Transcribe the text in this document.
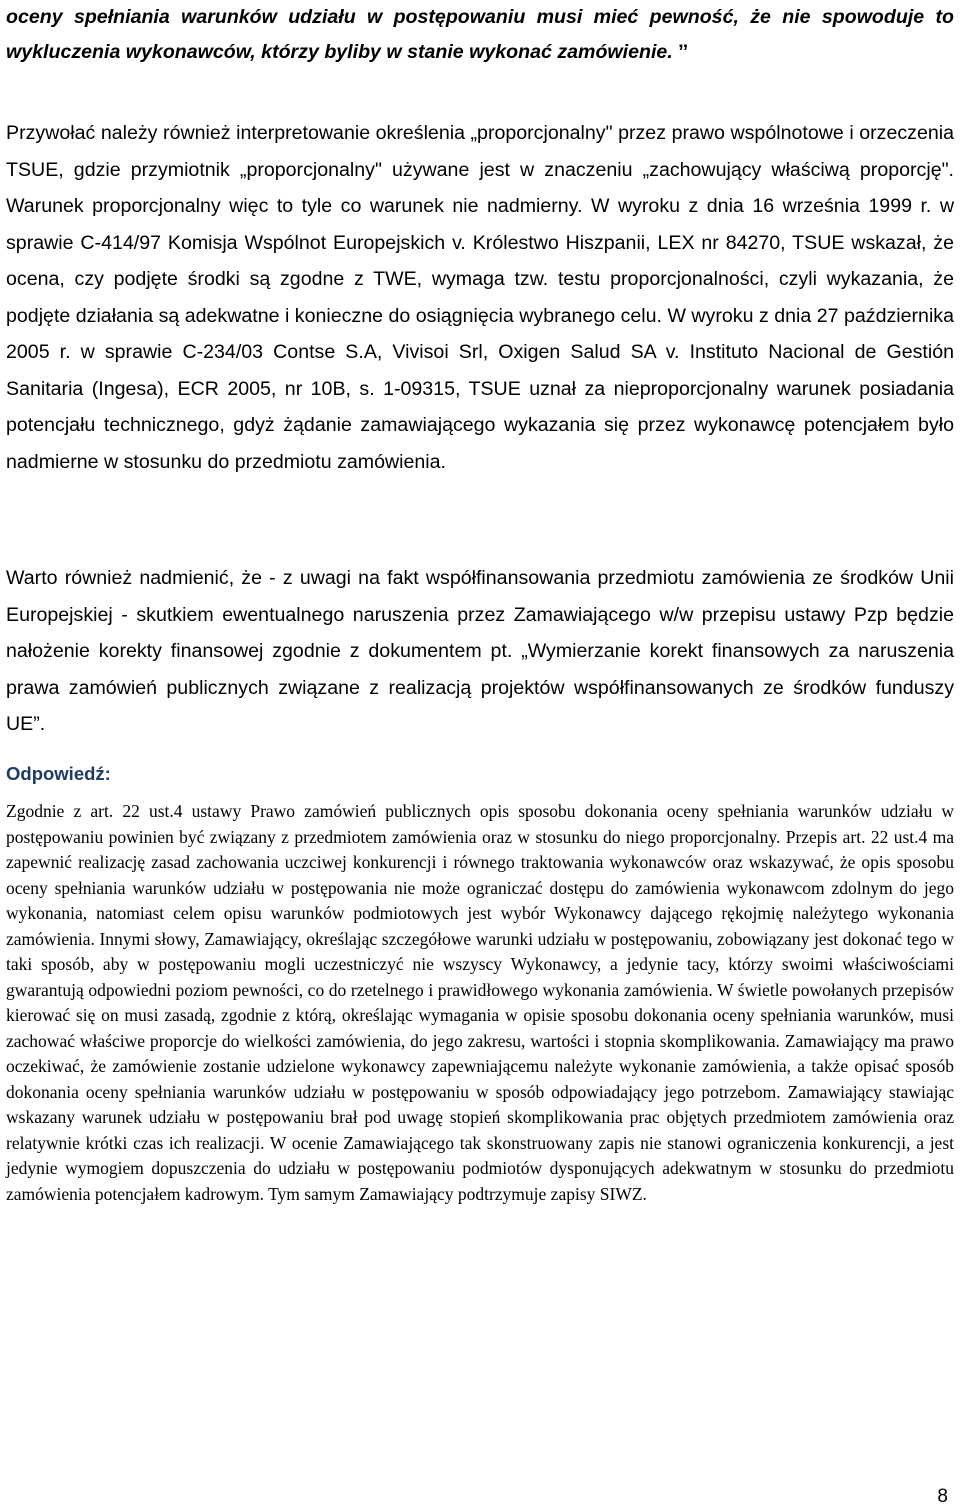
oceny spełniania warunków udziału w postępowaniu musi mieć pewność, że nie spowoduje to wykluczenia wykonawców, którzy byliby w stanie wykonać zamówienie. ˮ

Przywołać należy również interpretowanie określenia „proporcjonalny" przez prawo wspólnotowe i orzeczenia TSUE, gdzie przymiotnik „proporcjonalny" używane jest w znaczeniu „zachowujący właściwą proporcję". Warunek proporcjonalny więc to tyle co warunek nie nadmierny. W wyroku z dnia 16 września 1999 r. w sprawie C-414/97 Komisja Wspólnot Europejskich v. Królestwo Hiszpanii, LEX nr 84270, TSUE wskazał, że ocena, czy podjęte środki są zgodne z TWE, wymaga tzw. testu proporcjonalności, czyli wykazania, że podjęte działania są adekwatne i konieczne do osiągnięcia wybranego celu. W wyroku z dnia 27 października 2005 r. w sprawie C-234/03 Contse S.A, Vivisoi Srl, Oxigen Salud SA v. Instituto Nacional de Gestión Sanitaria (Ingesa), ECR 2005, nr 10B, s. 1-09315, TSUE uznał za nieproporcjonalny warunek posiadania potencjału technicznego, gdyż żądanie zamawiającego wykazania się przez wykonawcę potencjałem było nadmierne w stosunku do przedmiotu zamówienia.

Warto również nadmienić, że - z uwagi na fakt współfinansowania przedmiotu zamówienia ze środków Unii Europejskiej - skutkiem ewentualnego naruszenia przez Zamawiającego w/w przepisu ustawy Pzp będzie nałożenie korekty finansowej zgodnie z dokumentem pt. „Wymierzanie korekt finansowych za naruszenia prawa zamówień publicznych związane z realizacją projektów współfinansowanych ze środków funduszy UE”.

Odpowiedź:

Zgodnie z art. 22 ust.4 ustawy Prawo zamówień publicznych opis sposobu dokonania oceny spełniania warunków udziału w postępowaniu powinien być związany z przedmiotem zamówienia oraz w stosunku do niego proporcjonalny. Przepis art. 22 ust.4 ma zapewnić realizację zasad zachowania uczciwej konkurencji i równego traktowania wykonawców oraz wskazywać, że opis sposobu oceny spełniania warunków udziału w postępowania nie może ograniczać dostępu do zamówienia wykonawcom zdolnym do jego wykonania, natomiast celem opisu warunków podmiotowych jest wybór Wykonawcy dającego rękojmię należytego wykonania zamówienia. Innymi słowy, Zamawiający, określając szczegółowe warunki udziału w postępowaniu, zobowiązany jest dokonać tego w taki sposób, aby w postępowaniu mogli uczestniczyć nie wszyscy Wykonawcy, a jedynie tacy, którzy swoimi właściwościami gwarantują odpowiedni poziom pewności, co do rzetelnego i prawidłowego wykonania zamówienia. W świetle powołanych przepisów kierować się on musi zasadą, zgodnie z którą, określając wymagania w opisie sposobu dokonania oceny spełniania warunków, musi zachować właściwe proporcje do wielkości zamówienia, do jego zakresu, wartości i stopnia skomplikowania. Zamawiający ma prawo oczekiwać, że zamówienie zostanie udzielone wykonawcy zapewniającemu należyte wykonanie zamówienia, a także opisać sposób dokonania oceny spełniania warunków udziału w postępowaniu w sposób odpowiadający jego potrzebom. Zamawiający stawiając wskazany warunek udziału w postępowaniu brał pod uwagę stopień skomplikowania prac objętych przedmiotem zamówienia oraz relatywnie krótki czas ich realizacji. W ocenie Zamawiającego tak skonstruowany zapis nie stanowi ograniczenia konkurencji, a jest jedynie wymogiem dopuszczenia do udziału w postępowaniu podmiotów dysponujących adekwatnym w stosunku do przedmiotu zamówienia potencjałem kadrowym. Tym samym Zamawiający podtrzymuje zapisy SIWZ.

8
